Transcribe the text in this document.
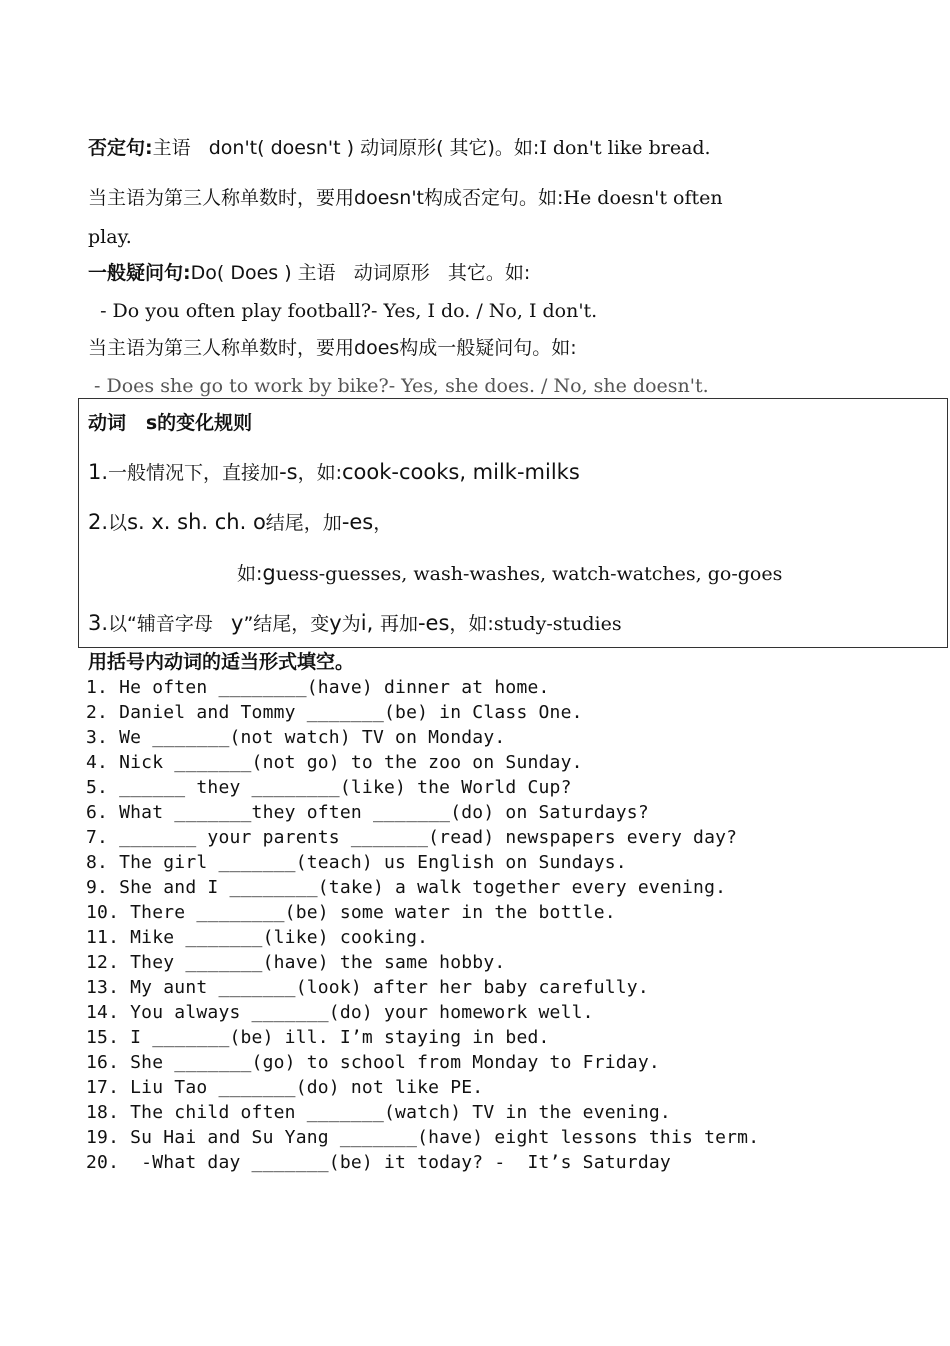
否定句:主语   don't( doesn't ) 动词原形( 其它)。如:I don't like bread.
当主语为第三人称单数时，要用doesn't构成否定句。如:He doesn't often
play.
一般疑问句:Do( Does ) 主语   动词原形   其它。如:
- Do you often play football?- Yes, I do. / No, I don't.
当主语为第三人称单数时，要用does构成一般疑问句。如:
- Does she go to work by bike?- Yes, she does. / No, she doesn't.
动词   s的变化规则
1.一般情况下，直接加-s，如:cook-cooks, milk-milks
2.以s. x. sh. ch. o结尾，加-es，
如:guess-guesses, wash-washes, watch-watches, go-goes
3.以“辅音字母   y”结尾，变y为i, 再加-es，如:study-studies
用括号内动词的适当形式填空。
1. He often ________(have) dinner at home.
2. Daniel and Tommy _______(be) in Class One.
3. We _______(not watch) TV on Monday.
4. Nick _______(not go) to the zoo on Sunday.
5. ______ they ________(like) the World Cup?
6. What _______they often _______(do) on Saturdays?
7. _______ your parents _______(read) newspapers every day?
8. The girl _______(teach) us English on Sundays.
9. She and I ________(take) a walk together every evening.
10. There ________(be) some water in the bottle.
11. Mike _______(like) cooking.
12. They _______(have) the same hobby.
13. My aunt _______(look) after her baby carefully.
14. You always _______(do) your homework well.
15. I _______(be) ill. I’m staying in bed.
16. She _______(go) to school from Monday to Friday.
17. Liu Tao _______(do) not like PE.
18. The child often _______(watch) TV in the evening.
19. Su Hai and Su Yang _______(have) eight lessons this term.
20.  -What day _______(be) it today? -  It’s Saturday
